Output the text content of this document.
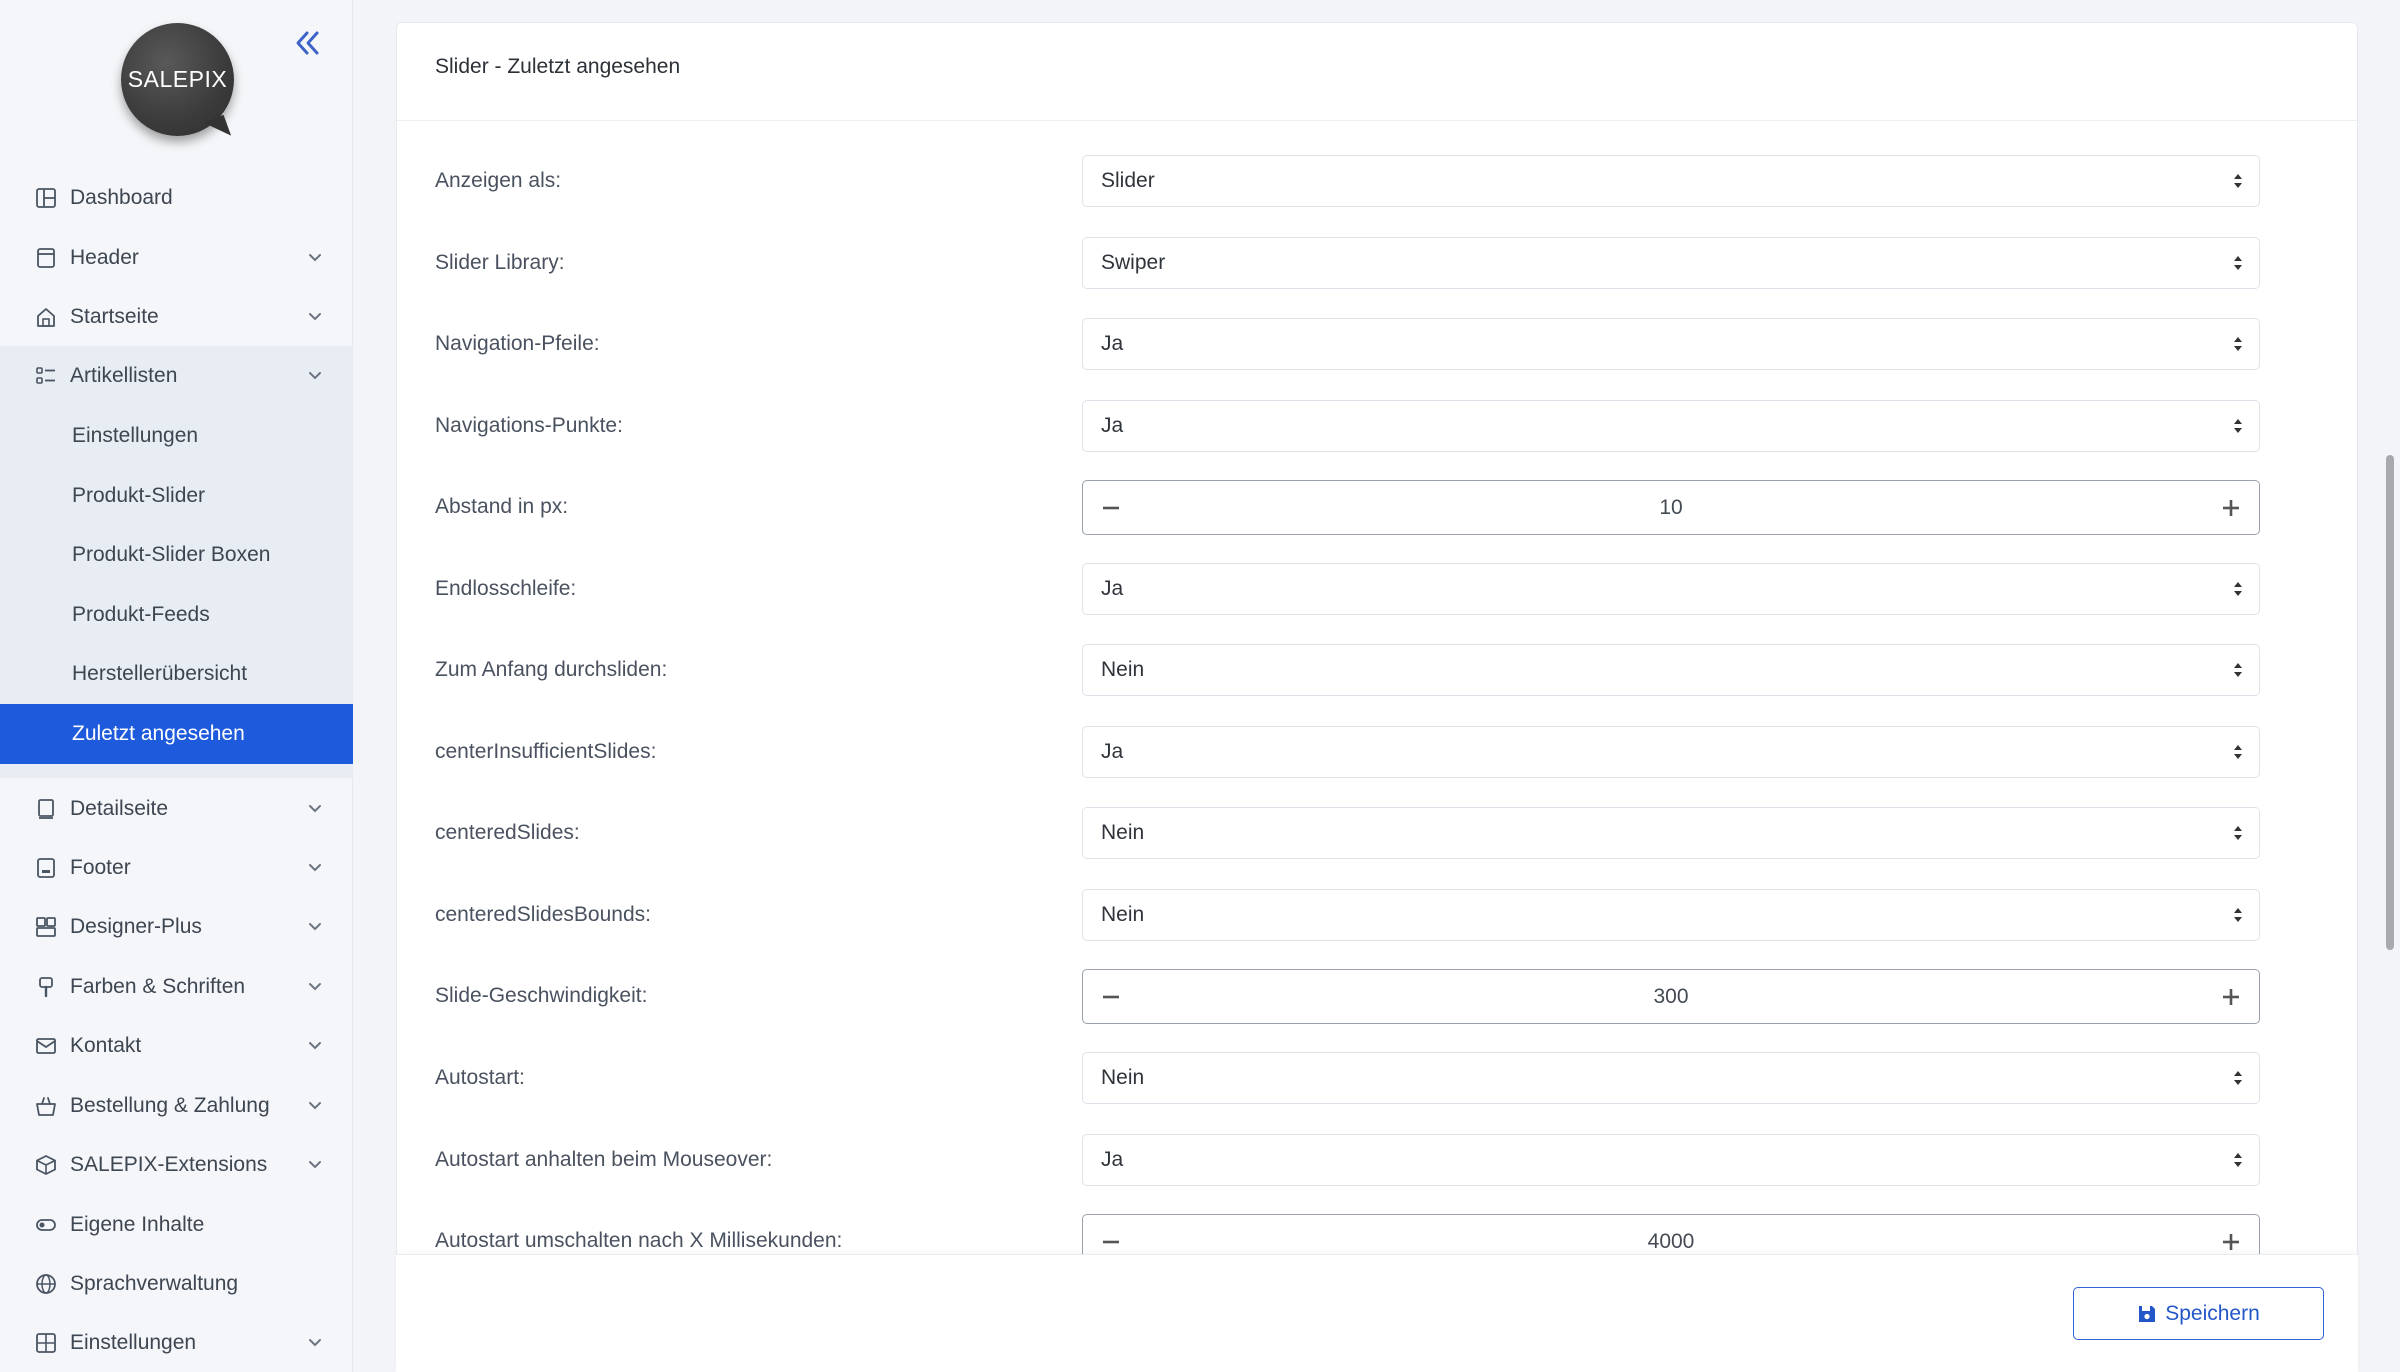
SALEPIX
Dashboard
Header
Startseite
Artikellisten
Einstellungen
Produkt-Slider
Produkt-Slider Boxen
Produkt-Feeds
Herstellerübersicht
Zuletzt angesehen
Detailseite
Footer
Designer-Plus
Farben & Schriften
Kontakt
Bestellung & Zahlung
SALEPIX-Extensions
Eigene Inhalte
Sprachverwaltung
Einstellungen
Slider - Zuletzt angesehen
Anzeigen als:	Slider
Slider Library:	Swiper
Navigation-Pfeile:	Ja
Navigations-Punkte:	Ja
Abstand in px:	10
Endlosschleife:	Ja
Zum Anfang durchsliden:	Nein
centerInsufficientSlides:	Ja
centeredSlides:	Nein
centeredSlidesBounds:	Nein
Slide-Geschwindigkeit:	300
Autostart:	Nein
Autostart anhalten beim Mouseover:	Ja
Autostart umschalten nach X Millisekunden:	4000
Speichern
